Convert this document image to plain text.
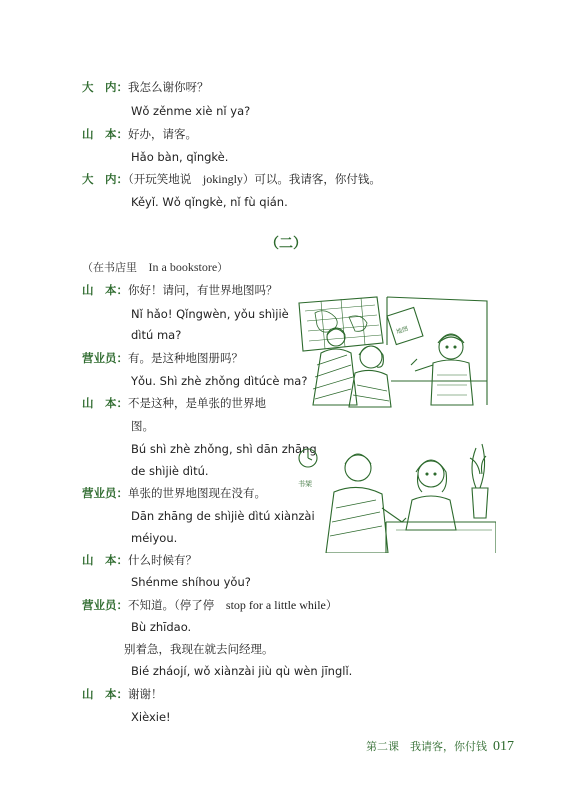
大　内：我怎么谢你呀？
Wǒ zěnme xiè nǐ ya?
山　本：好办，请客。
Hǎo bàn, qǐngkè.
大　内：（开玩笑地说 jokingly）可以。我请客，你付钱。
Kěyǐ. Wǒ qǐngkè, nǐ fù qián.
（二）
（在书店里 In a bookstore）
山　本：你好！请问，有世界地图吗？
Nǐ hǎo! Qǐngwèn, yǒu shìjiè
dìtú ma?
营业员：有。是这种地图册吗？
Yǒu. Shì zhè zhǒng dìtúcè ma?
山　本：不是这种，是单张的世界地
图。
Bú shì zhè zhǒng, shì dān zhāng
de shìjiè dìtú.
营业员：单张的世界地图现在没有。
Dān zhāng de shìjiè dìtú xiànzài
méiyou.
山　本：什么时候有？
Shénme shíhou yǒu?
营业员：不知道。（停了停 stop for a little while）
Bù zhīdao.
别着急，我现在就去问经理。
Bié zháojí, wǒ xiànzài jiù qù wèn jīnglǐ.
山　本：谢谢！
Xièxie!
地图
书架
第二课　我请客，你付钱 017
